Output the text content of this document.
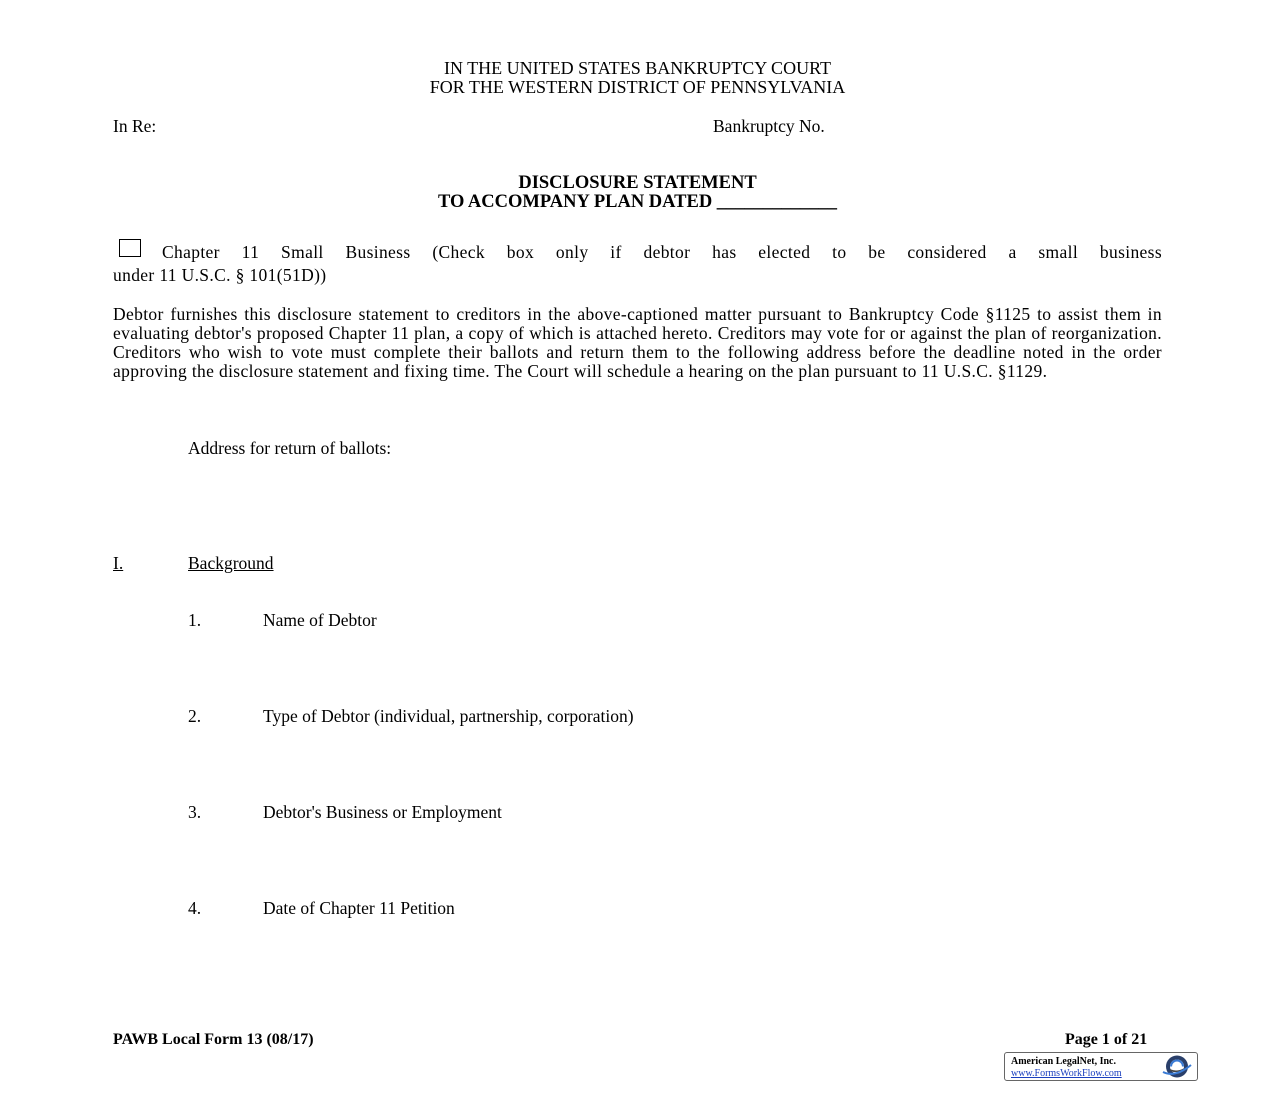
IN THE UNITED STATES BANKRUPTCY COURT
FOR THE WESTERN DISTRICT OF PENNSYLVANIA
In Re:	Bankruptcy No.
DISCLOSURE STATEMENT
TO ACCOMPANY PLAN DATED _____________
Chapter 11 Small Business (Check box only if debtor has elected to be considered a small business
under 11 U.S.C. § 101(51D))
Debtor furnishes this disclosure statement to creditors in the above-captioned matter pursuant to Bankruptcy Code §1125 to assist them in evaluating debtor's proposed Chapter 11 plan, a copy of which is attached hereto. Creditors may vote for or against the plan of reorganization. Creditors who wish to vote must complete their ballots and return them to the following address before the deadline noted in the order approving the disclosure statement and fixing time. The Court will schedule a hearing on the plan pursuant to 11 U.S.C. §1129.
Address for return of ballots:
I.	Background
1.	Name of Debtor
2.	Type of Debtor (individual, partnership, corporation)
3.	Debtor's Business or Employment
4.	Date of Chapter 11 Petition
PAWB Local Form 13 (08/17)	Page 1 of 21
American LegalNet, Inc.
www.FormsWorkFlow.com
